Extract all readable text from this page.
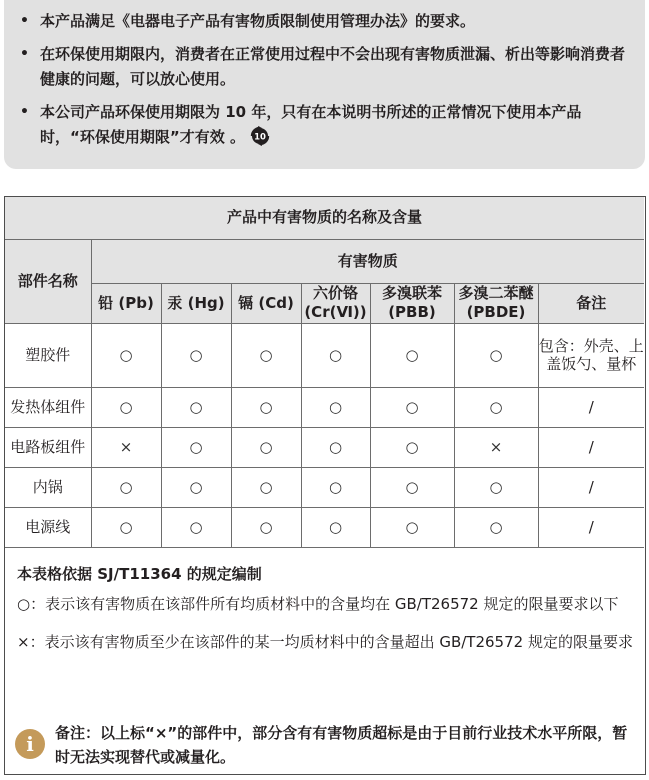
• 本产品满足《电器电子产品有害物质限制使用管理办法》的要求。
• 在环保使用期限内，消费者在正常使用过程中不会出现有害物质泄漏、析出等影响消费者健康的问题，可以放心使用。
• 本公司产品环保使用期限为 10 年，只有在本说明书所述的正常情况下使用本产品时，“环保使用期限”才有效 。 10
产品中有害物质的名称及含量							
部件名称	有害物质						
	铅 (Pb)	汞 (Hg)	镉 (Cd)	六价铬 (Cr(Ⅵ))	多溴联苯 (PBB)	多溴二苯醚 (PBDE)	备注
塑胶件	○	○	○	○	○	○	包含：外壳、上盖饭勺、量杯
发热体组件	○	○	○	○	○	○	/
电路板组件	×	○	○	○	○	×	/
内锅	○	○	○	○	○	○	/
电源线	○	○	○	○	○	○	/
本表格依据 SJ/T11364 的规定编制

○：表示该有害物质在该部件所有均质材料中的含量均在 GB/T26572 规定的限量要求以下

×：表示该有害物质至少在该部件的某一均质材料中的含量超出 GB/T26572 规定的限量要求

i	备注：以上标“×”的部件中，部分含有有害物质超标是由于目前行业技术水平所限，暂时无法实现替代或减量化。
